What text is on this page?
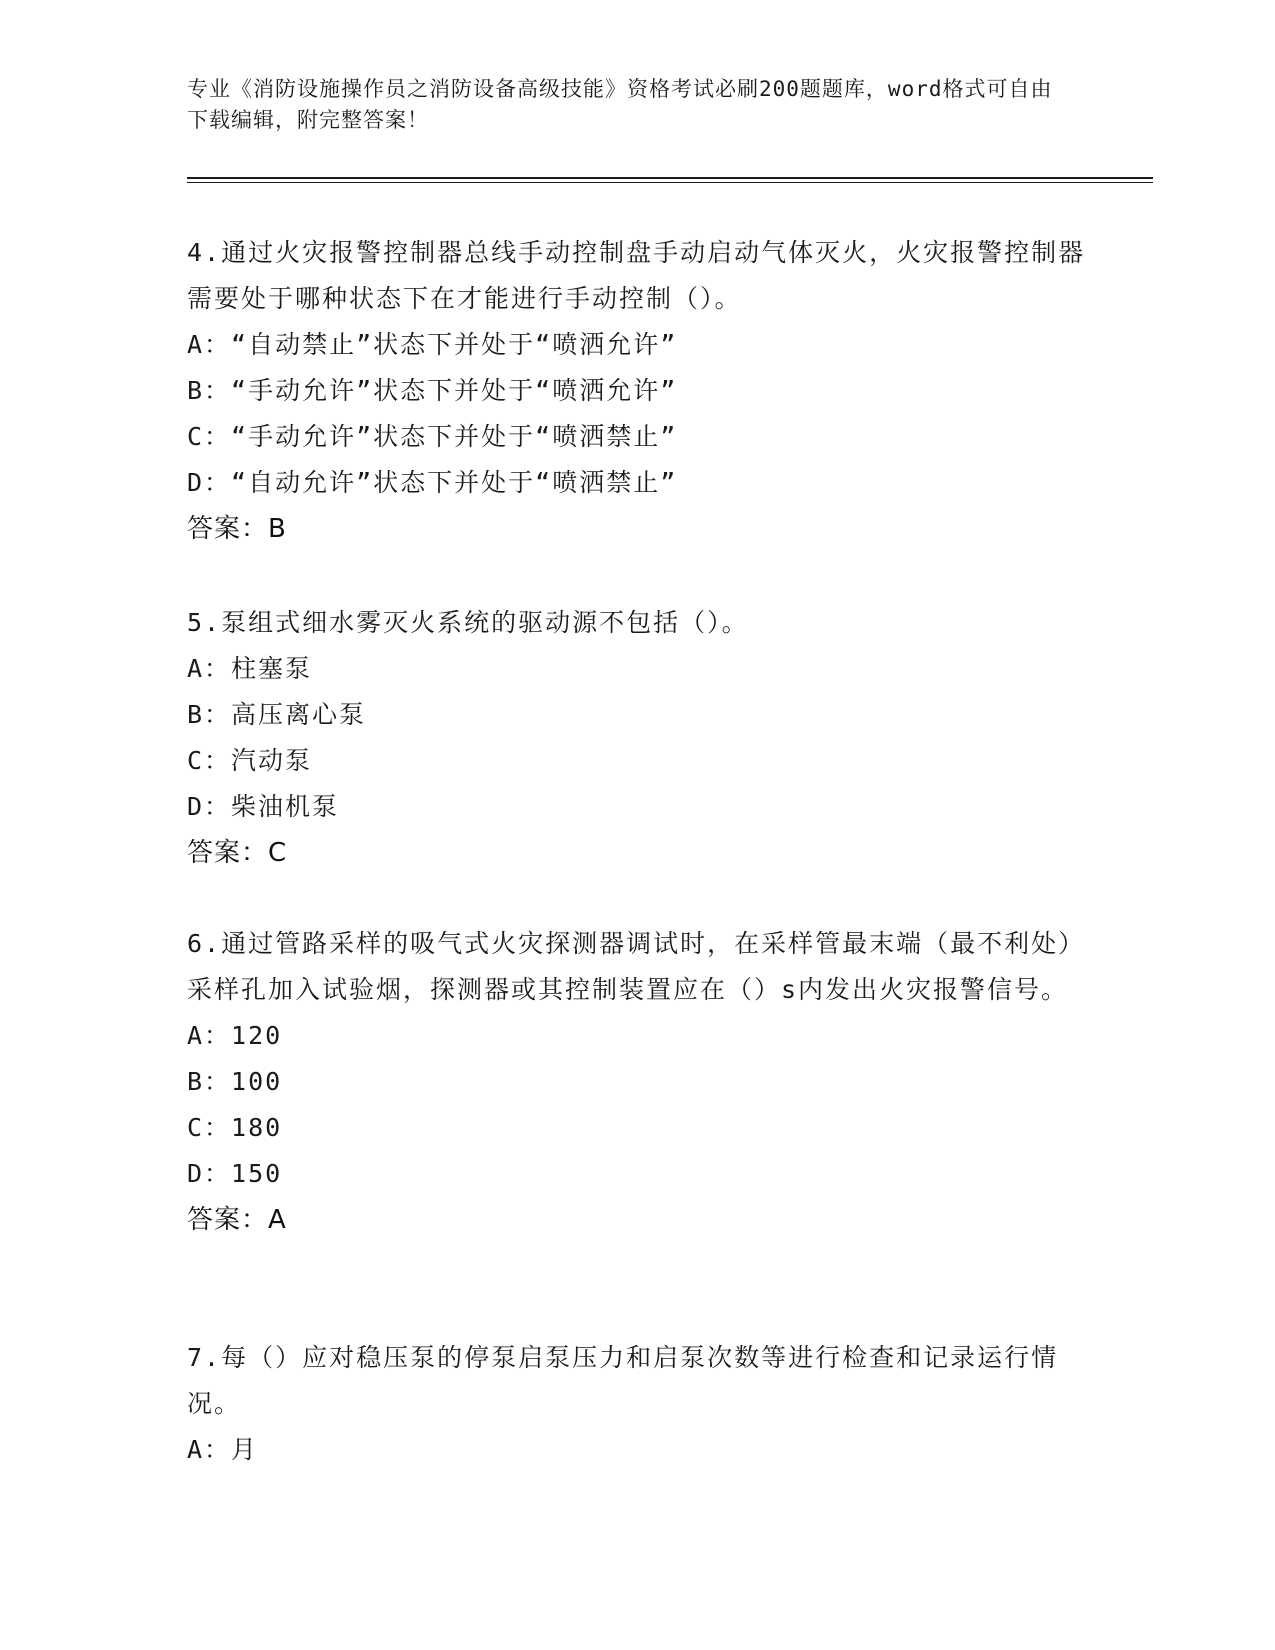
专业《消防设施操作员之消防设备高级技能》资格考试必刷200题题库，word格式可自由下载编辑，附完整答案！
4.通过火灾报警控制器总线手动控制盘手动启动气体灭火，火灾报警控制器需要处于哪种状态下在才能进行手动控制（）。
A：“自动禁止”状态下并处于“喷洒允许”
B：“手动允许”状态下并处于“喷洒允许”
C：“手动允许”状态下并处于“喷洒禁止”
D：“自动允许”状态下并处于“喷洒禁止”
答案：B
5.泵组式细水雾灭火系统的驱动源不包括（）。
A：柱塞泵
B：高压离心泵
C：汽动泵
D：柴油机泵
答案：C
6.通过管路采样的吸气式火灾探测器调试时，在采样管最末端（最不利处）采样孔加入试验烟，探测器或其控制装置应在（）s内发出火灾报警信号。
A：120
B：100
C：180
D：150
答案：A
7.每（）应对稳压泵的停泵启泵压力和启泵次数等进行检查和记录运行情况。
A：月
